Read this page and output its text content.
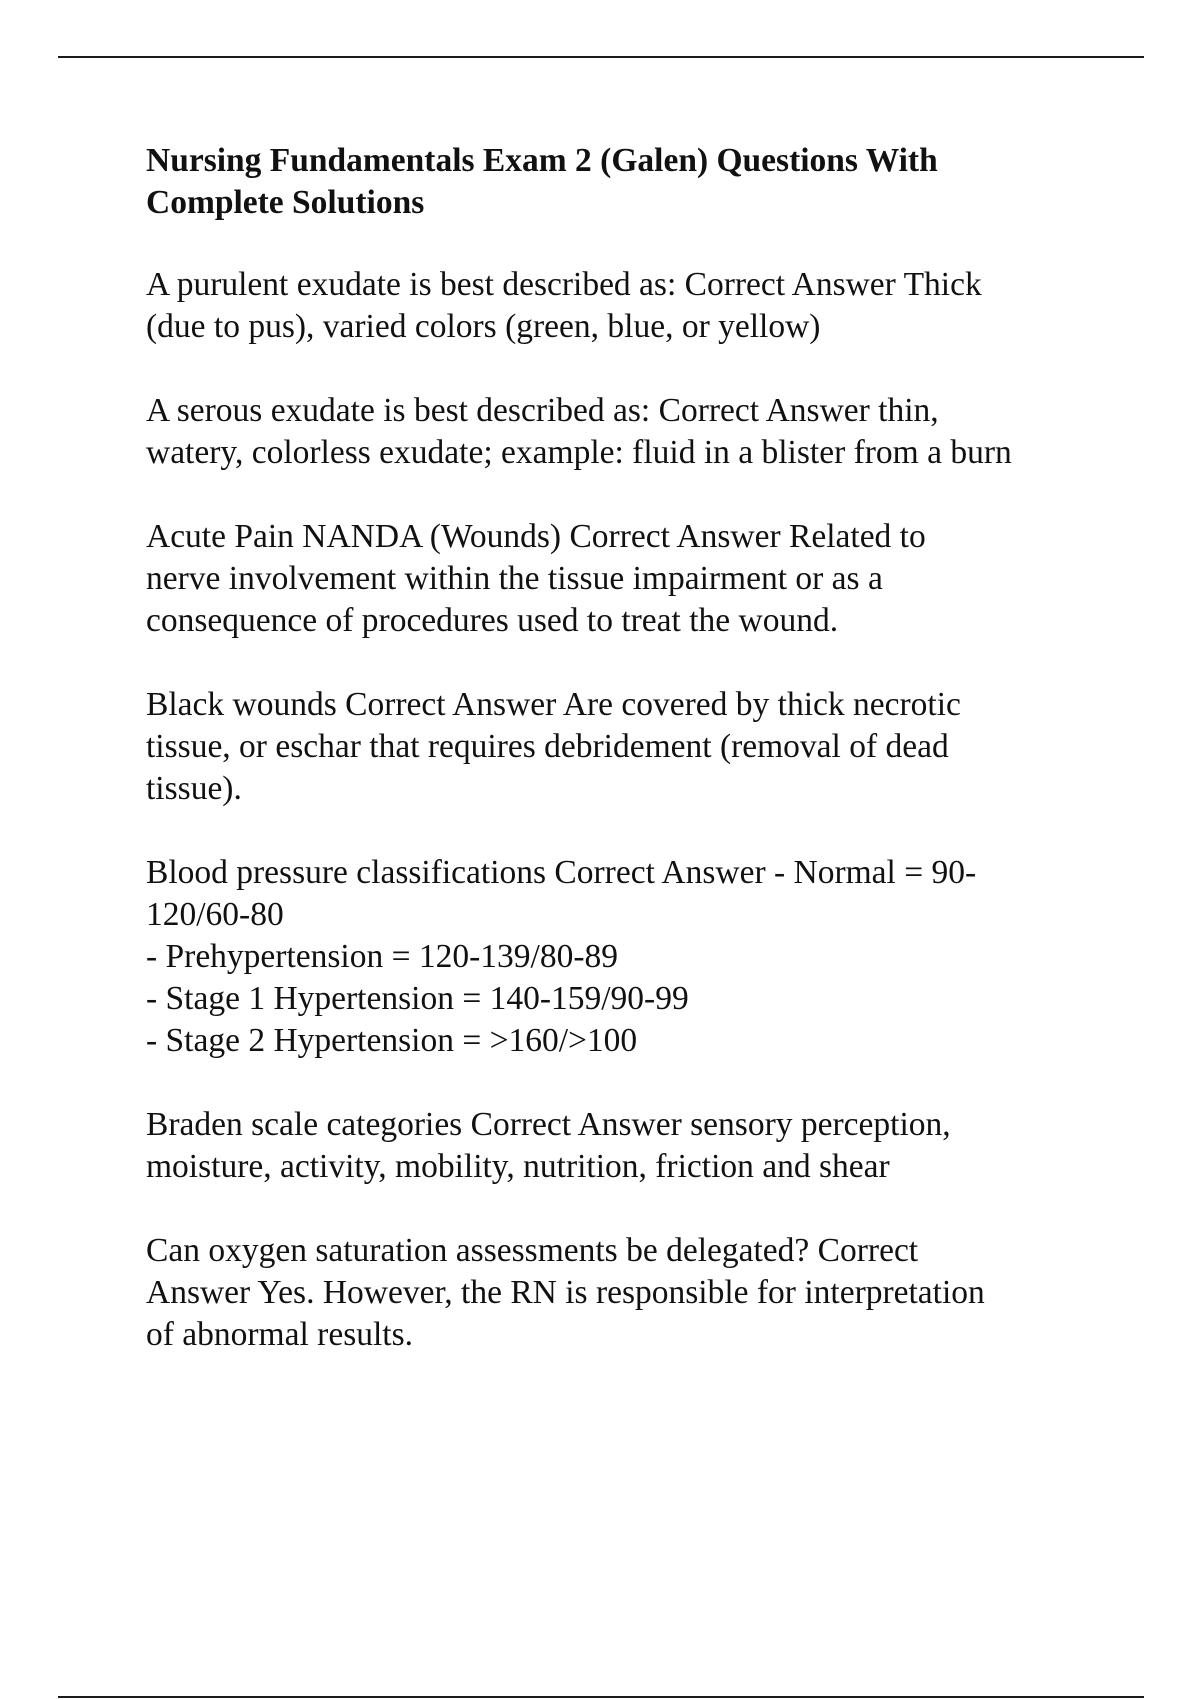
Nursing Fundamentals Exam 2 (Galen) Questions With
Complete Solutions
A purulent exudate is best described as: Correct Answer Thick
(due to pus), varied colors (green, blue, or yellow)
A serous exudate is best described as: Correct Answer thin,
watery, colorless exudate; example: fluid in a blister from a burn
Acute Pain NANDA (Wounds) Correct Answer Related to
nerve involvement within the tissue impairment or as a
consequence of procedures used to treat the wound.
Black wounds Correct Answer Are covered by thick necrotic
tissue, or eschar that requires debridement (removal of dead
tissue).
Blood pressure classifications Correct Answer - Normal = 90-
120/60-80
- Prehypertension = 120-139/80-89
- Stage 1 Hypertension = 140-159/90-99
- Stage 2 Hypertension = >160/>100
Braden scale categories Correct Answer sensory perception,
moisture, activity, mobility, nutrition, friction and shear
Can oxygen saturation assessments be delegated? Correct
Answer Yes. However, the RN is responsible for interpretation
of abnormal results.
